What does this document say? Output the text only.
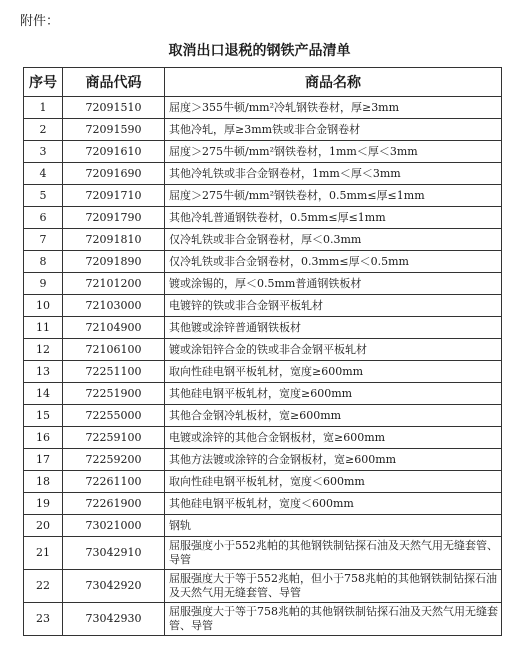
附件：
取消出口退税的钢铁产品清单
序号	商品代码	商品名称
1	72091510	屈度＞355牛顿/mm²冷轧钢铁卷材，厚≥3mm
2	72091590	其他冷轧，厚≥3mm铁或非合金钢卷材
3	72091610	屈度＞275牛顿/mm²钢铁卷材，1mm＜厚＜3mm
4	72091690	其他冷轧铁或非合金钢卷材，1mm＜厚＜3mm
5	72091710	屈度＞275牛顿/mm²钢铁卷材，0.5mm≤厚≤1mm
6	72091790	其他冷轧普通钢铁卷材，0.5mm≤厚≤1mm
7	72091810	仅冷轧铁或非合金钢卷材，厚＜0.3mm
8	72091890	仅冷轧铁或非合金钢卷材，0.3mm≤厚＜0.5mm
9	72101200	镀或涂锡的，厚＜0.5mm普通钢铁板材
10	72103000	电镀锌的铁或非合金钢平板轧材
11	72104900	其他镀或涂锌普通钢铁板材
12	72106100	镀或涂铝锌合金的铁或非合金钢平板轧材
13	72251100	取向性硅电钢平板轧材，宽度≥600mm
14	72251900	其他硅电钢平板轧材，宽度≥600mm
15	72255000	其他合金钢冷轧板材，宽≥600mm
16	72259100	电镀或涂锌的其他合金钢板材，宽≥600mm
17	72259200	其他方法镀或涂锌的合金钢板材，宽≥600mm
18	72261100	取向性硅电钢平板轧材，宽度＜600mm
19	72261900	其他硅电钢平板轧材，宽度＜600mm
20	73021000	钢轨
21	73042910	屈服强度小于552兆帕的其他钢铁制钻探石油及天然气用无缝套管、导管
22	73042920	屈服强度大于等于552兆帕，但小于758兆帕的其他钢铁制钻探石油及天然气用无缝套管、导管
23	73042930	屈服强度大于等于758兆帕的其他钢铁制钻探石油及天然气用无缝套管、导管
